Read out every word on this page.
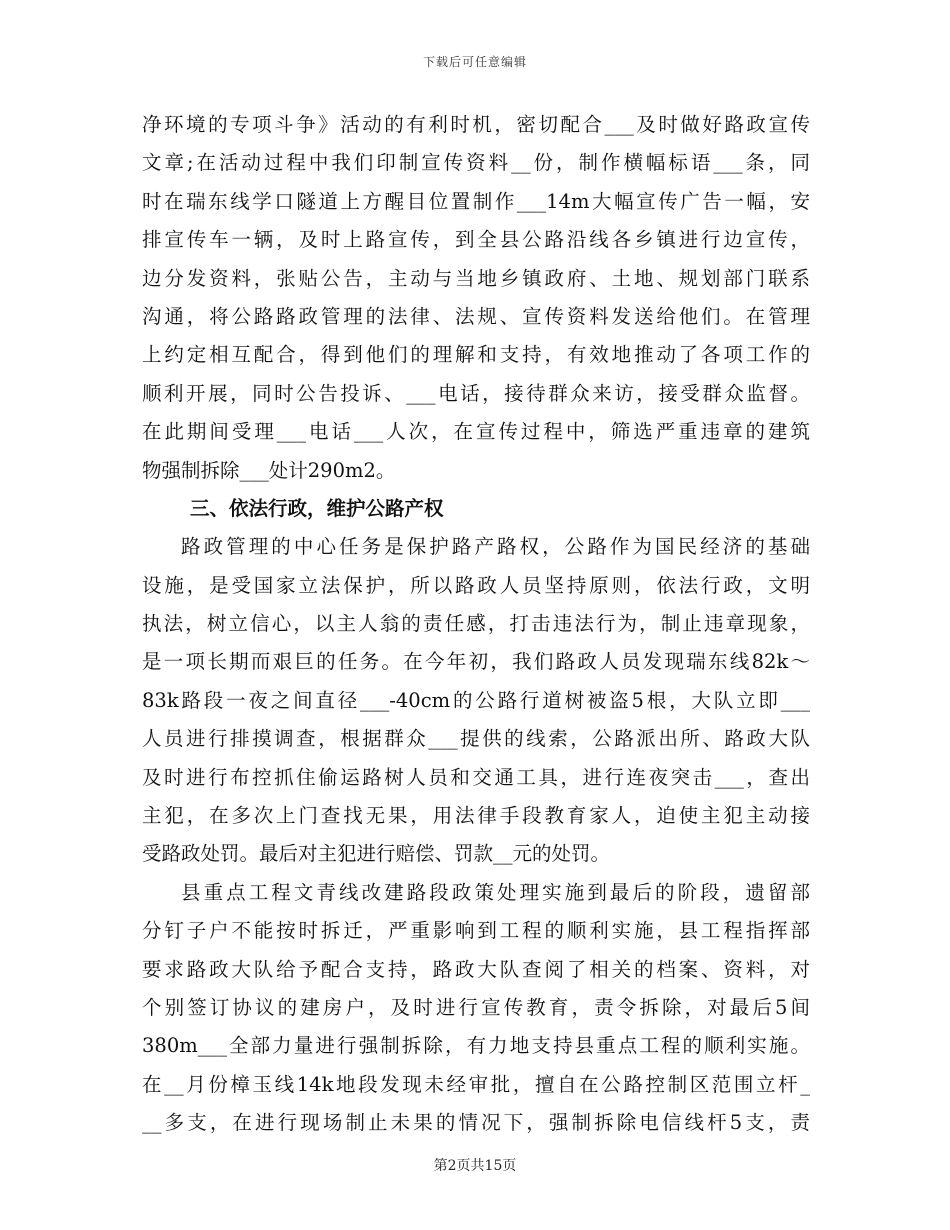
下载后可任意编辑
净环境的专项斗争》活动的有利时机，密切配合___及时做好路政宣传
文章;在活动过程中我们印制宣传资料__份，制作横幅标语___条，同
时在瑞东线学口隧道上方醒目位置制作___14m大幅宣传广告一幅，安
排宣传车一辆，及时上路宣传，到全县公路沿线各乡镇进行边宣传，
边分发资料，张贴公告，主动与当地乡镇政府、土地、规划部门联系
沟通，将公路路政管理的法律、法规、宣传资料发送给他们。在管理
上约定相互配合，得到他们的理解和支持，有效地推动了各项工作的
顺利开展，同时公告投诉、___电话，接待群众来访，接受群众监督。
在此期间受理___电话___人次，在宣传过程中，筛选严重违章的建筑
物强制拆除___处计290m2。
三、依法行政，维护公路产权
路政管理的中心任务是保护路产路权，公路作为国民经济的基础
设施，是受国家立法保护，所以路政人员坚持原则，依法行政，文明
执法，树立信心，以主人翁的责任感，打击违法行为，制止违章现象，
是一项长期而艰巨的任务。在今年初，我们路政人员发现瑞东线82k～
83k路段一夜之间直径___-40cm的公路行道树被盗5根，大队立即___
人员进行排摸调查，根据群众___提供的线索，公路派出所、路政大队
及时进行布控抓住偷运路树人员和交通工具，进行连夜突击___，查出
主犯，在多次上门查找无果，用法律手段教育家人，迫使主犯主动接
受路政处罚。最后对主犯进行赔偿、罚款__元的处罚。
县重点工程文青线改建路段政策处理实施到最后的阶段，遗留部
分钉子户不能按时拆迁，严重影响到工程的顺利实施，县工程指挥部
要求路政大队给予配合支持，路政大队查阅了相关的档案、资料，对
个别签订协议的建房户，及时进行宣传教育，责令拆除，对最后5间
380m___全部力量进行强制拆除，有力地支持县重点工程的顺利实施。
在__月份樟玉线14k地段发现未经审批，擅自在公路控制区范围立杆_
__多支，在进行现场制止未果的情况下，强制拆除电信线杆5支，责
第2页共15页
